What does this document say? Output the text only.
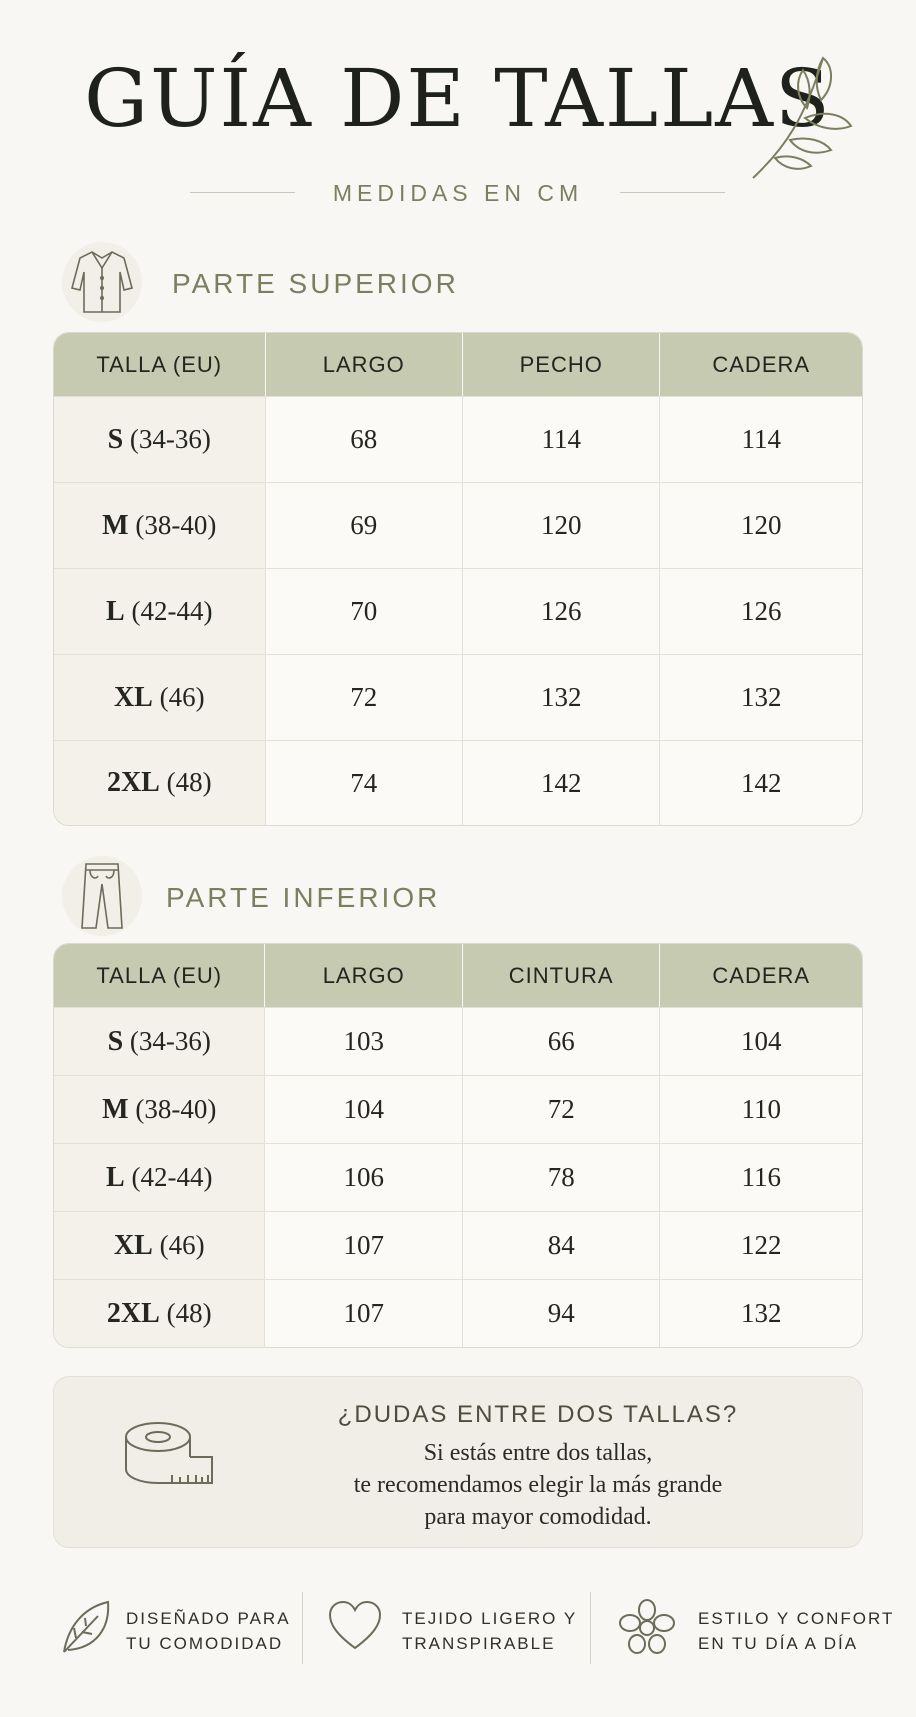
GUÍA DE TALLAS
MEDIDAS EN CM
PARTE SUPERIOR
TALLA (EU)	LARGO	PECHO	CADERA
S (34-36)	68	114	114
M (38-40)	69	120	120
L (42-44)	70	126	126
XL (46)	72	132	132
2XL (48)	74	142	142
PARTE INFERIOR
TALLA (EU)	LARGO	CINTURA	CADERA
S (34-36)	103	66	104
M (38-40)	104	72	110
L (42-44)	106	78	116
XL (46)	107	84	122
2XL (48)	107	94	132
¿DUDAS ENTRE DOS TALLAS?
Si estás entre dos tallas,
te recomendamos elegir la más grande
para mayor comodidad.
DISEÑADO PARA
TU COMODIDAD
TEJIDO LIGERO Y
TRANSPIRABLE
ESTILO Y CONFORT
EN TU DÍA A DÍA
